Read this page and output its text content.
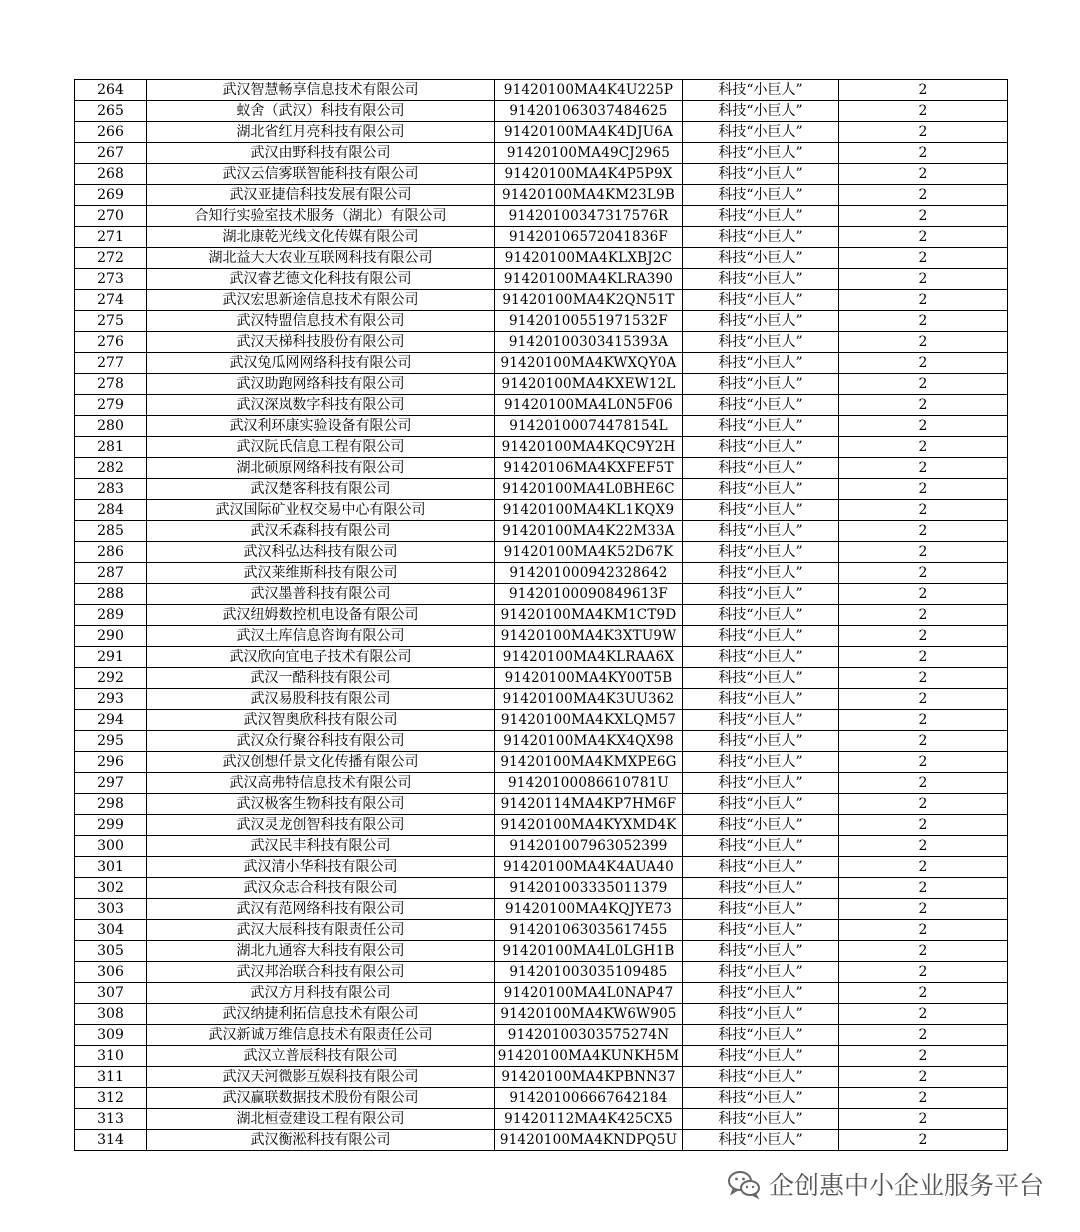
264	武汉智慧畅享信息技术有限公司	91420100MA4K4U225P	科技“小巨人”	2
265	蚁舍（武汉）科技有限公司	914201063037484625	科技“小巨人”	2
266	湖北省红月亮科技有限公司	91420100MA4K4DJU6A	科技“小巨人”	2
267	武汉由野科技有限公司	91420100MA49CJ2965	科技“小巨人”	2
268	武汉云信雾联智能科技有限公司	91420100MA4K4P5P9X	科技“小巨人”	2
269	武汉亚捷信科技发展有限公司	91420100MA4KM23L9B	科技“小巨人”	2
270	合知行实验室技术服务（湖北）有限公司	91420100347317576R	科技“小巨人”	2
271	湖北康乾光线文化传媒有限公司	91420106572041836F	科技“小巨人”	2
272	湖北益大大农业互联网科技有限公司	91420100MA4KLXBJ2C	科技“小巨人”	2
273	武汉睿艺德文化科技有限公司	91420100MA4KLRA390	科技“小巨人”	2
274	武汉宏思新途信息技术有限公司	91420100MA4K2QN51T	科技“小巨人”	2
275	武汉特盟信息技术有限公司	91420100551971532F	科技“小巨人”	2
276	武汉天梯科技股份有限公司	91420100303415393A	科技“小巨人”	2
277	武汉兔瓜网网络科技有限公司	91420100MA4KWXQY0A	科技“小巨人”	2
278	武汉助跑网络科技有限公司	91420100MA4KXEW12L	科技“小巨人”	2
279	武汉深岚数字科技有限公司	91420100MA4L0N5F06	科技“小巨人”	2
280	武汉利环康实验设备有限公司	91420100074478154L	科技“小巨人”	2
281	武汉阮氏信息工程有限公司	91420100MA4KQC9Y2H	科技“小巨人”	2
282	湖北硕原网络科技有限公司	91420106MA4KXFEF5T	科技“小巨人”	2
283	武汉楚客科技有限公司	91420100MA4L0BHE6C	科技“小巨人”	2
284	武汉国际矿业权交易中心有限公司	91420100MA4KL1KQX9	科技“小巨人”	2
285	武汉禾森科技有限公司	91420100MA4K22M33A	科技“小巨人”	2
286	武汉科弘达科技有限公司	91420100MA4K52D67K	科技“小巨人”	2
287	武汉莱维斯科技有限公司	914201000942328642	科技“小巨人”	2
288	武汉墨普科技有限公司	91420100090849613F	科技“小巨人”	2
289	武汉纽姆数控机电设备有限公司	91420100MA4KM1CT9D	科技“小巨人”	2
290	武汉土库信息咨询有限公司	91420100MA4K3XTU9W	科技“小巨人”	2
291	武汉欣向宜电子技术有限公司	91420100MA4KLRAA6X	科技“小巨人”	2
292	武汉一酷科技有限公司	91420100MA4KY00T5B	科技“小巨人”	2
293	武汉易股科技有限公司	91420100MA4K3UU362	科技“小巨人”	2
294	武汉智奥欣科技有限公司	91420100MA4KXLQM57	科技“小巨人”	2
295	武汉众行聚谷科技有限公司	91420100MA4KX4QX98	科技“小巨人”	2
296	武汉创想仟景文化传播有限公司	91420100MA4KMXPE6G	科技“小巨人”	2
297	武汉高弗特信息技术有限公司	91420100086610781U	科技“小巨人”	2
298	武汉极客生物科技有限公司	91420114MA4KP7HM6F	科技“小巨人”	2
299	武汉灵龙创智科技有限公司	91420100MA4KYXMD4K	科技“小巨人”	2
300	武汉民丰科技有限公司	914201007963052399	科技“小巨人”	2
301	武汉清小华科技有限公司	91420100MA4K4AUA40	科技“小巨人”	2
302	武汉众志合科技有限公司	914201003335011379	科技“小巨人”	2
303	武汉有范网络科技有限公司	91420100MA4KQJYE73	科技“小巨人”	2
304	武汉大辰科技有限责任公司	914201063035617455	科技“小巨人”	2
305	湖北九通容大科技有限公司	91420100MA4L0LGH1B	科技“小巨人”	2
306	武汉邦治联合科技有限公司	914201003035109485	科技“小巨人”	2
307	武汉方月科技有限公司	91420100MA4L0NAP47	科技“小巨人”	2
308	武汉纳捷利拓信息技术有限公司	91420100MA4KW6W905	科技“小巨人”	2
309	武汉新诚万维信息技术有限责任公司	91420100303575274N	科技“小巨人”	2
310	武汉立普辰科技有限公司	91420100MA4KUNKH5M	科技“小巨人”	2
311	武汉天河微影互娱科技有限公司	91420100MA4KPBNN37	科技“小巨人”	2
312	武汉赢联数据技术股份有限公司	914201006667642184	科技“小巨人”	2
313	湖北桓壹建设工程有限公司	91420112MA4K425CX5	科技“小巨人”	2
314	武汉衡淞科技有限公司	91420100MA4KNDPQ5U	科技“小巨人”	2
企创惠中小企业服务平台
